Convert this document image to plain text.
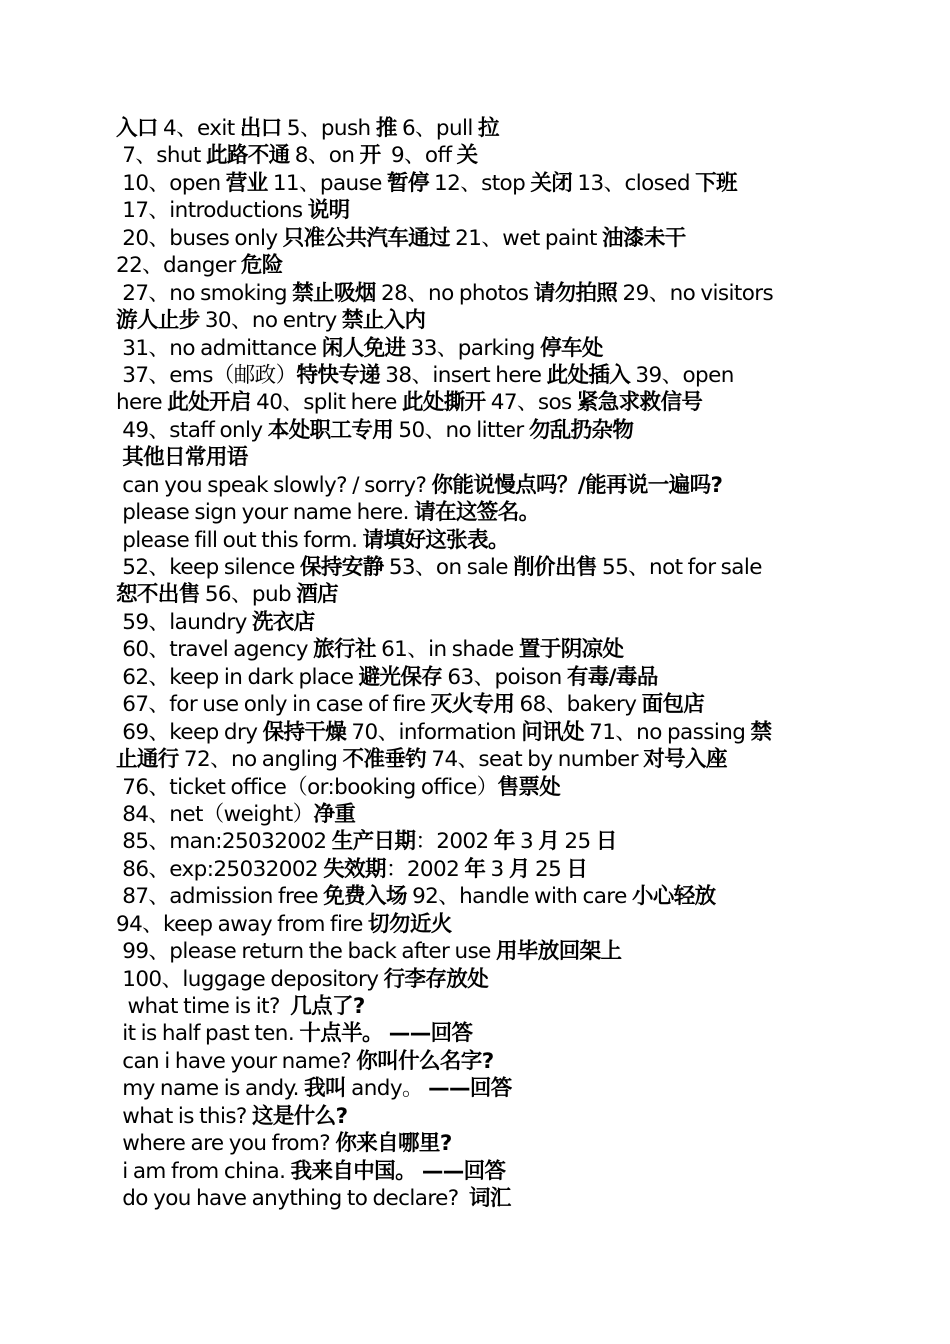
入口 4、exit 出口 5、push 推 6、pull 拉
7、shut 此路不通 8、on 开  9、off 关
10、open 营业 11、pause 暂停 12、stop 关闭 13、closed 下班
17、introductions 说明
20、buses only 只准公共汽车通过 21、wet paint 油漆未干
22、danger 危险
27、no smoking 禁止吸烟 28、no photos 请勿拍照 29、no visitors
游人止步 30、no entry 禁止入内
31、no admittance 闲人免进 33、parking 停车处
37、ems（邮政）特快专递 38、insert here 此处插入 39、open
here 此处开启 40、split here 此处撕开 47、sos 紧急求救信号
49、staff only 本处职工专用 50、no litter 勿乱扔杂物
其他日常用语
can you speak slowly? / sorry? 你能说慢点吗？/能再说一遍吗?
please sign your name here. 请在这签名。
please fill out this form. 请填好这张表。
52、keep silence 保持安静 53、on sale 削价出售 55、not for sale
恕不出售 56、pub 酒店
59、laundry 洗衣店
60、travel agency 旅行社 61、in shade 置于阴凉处
62、keep in dark place 避光保存 63、poison 有毒/毒品
67、for use only in case of fire 灭火专用 68、bakery 面包店
69、keep dry 保持干燥 70、information 问讯处 71、no passing 禁
止通行 72、no angling 不准垂钓 74、seat by number 对号入座
76、ticket office（or:booking office）售票处
84、net（weight）净重
85、man:25032002 生产日期：2002 年 3 月 25 日
86、exp:25032002 失效期：2002 年 3 月 25 日
87、admission free 免费入场 92、handle with care 小心轻放
94、keep away from fire 切勿近火
99、please return the back after use 用毕放回架上
100、luggage depository 行李存放处
what time is it?  几点了?
it is half past ten. 十点半。 ——回答
can i have your name? 你叫什么名字?
my name is andy. 我叫 andy。 ——回答
what is this? 这是什么?
where are you from? 你来自哪里?
i am from china. 我来自中国。 ——回答
do you have anything to declare?  词汇
